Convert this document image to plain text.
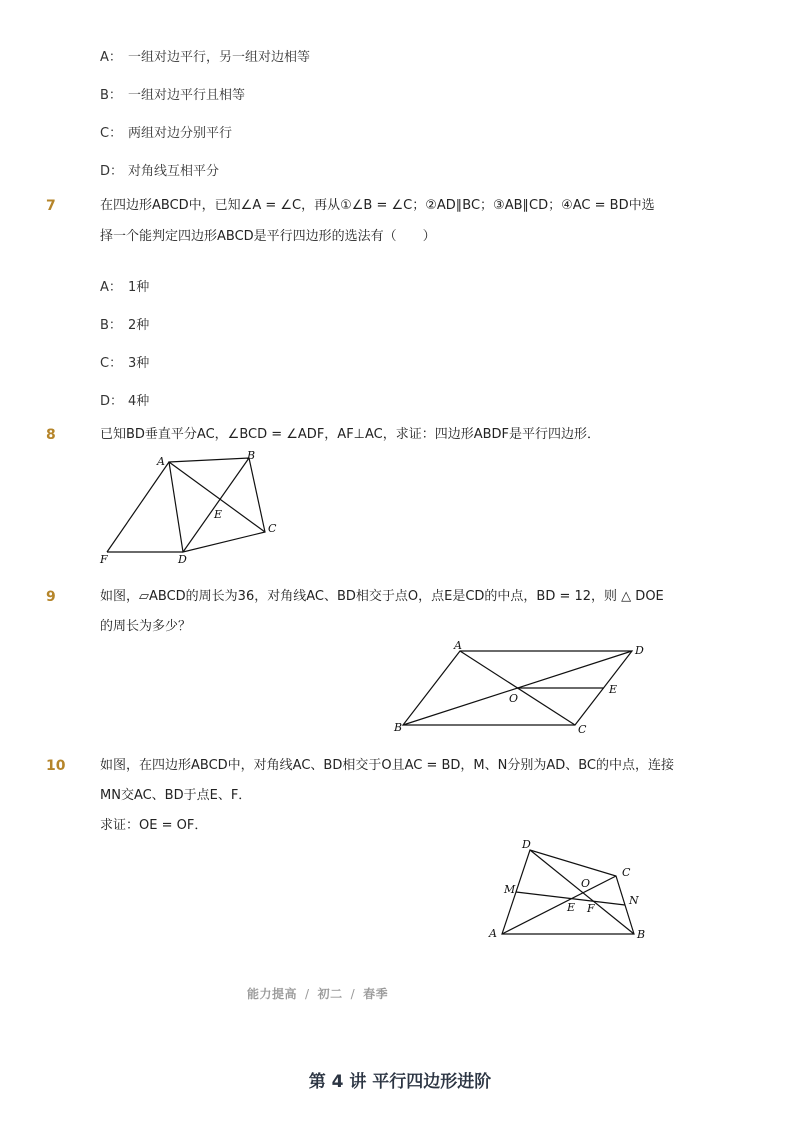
A： 一组对边平行，另一组对边相等
B： 一组对边平行且相等
C： 两组对边分别平行
D： 对角线互相平分
7	在四边形ABCD中，已知∠A = ∠C，再从①∠B = ∠C；②AD∥BC；③AB∥CD；④AC = BD中选
择一个能判定四边形ABCD是平行四边形的选法有（　　）
A： 1种
B： 2种
C： 3种
D： 4种
8	已知BD垂直平分AC，∠BCD = ∠ADF，AF⊥AC，求证：四边形ABDF是平行四边形．
A	B
C
D
E
F
9	如图，▱ABCD的周长为36，对角线AC、BD相交于点O，点E是CD的中点，BD = 12，则 △ DOE
的周长为多少？
A
B	C
D
E
O
10	如图，在四边形ABCD中，对角线AC、BD相交于O且AC = BD，M、N分别为AD、BC的中点，连接
MN交AC、BD于点E、F．
求证：OE = OF．
A	B
C
D
M
N
O
E F
能力提高 / 初二 / 春季
第 4 讲 平行四边形进阶
